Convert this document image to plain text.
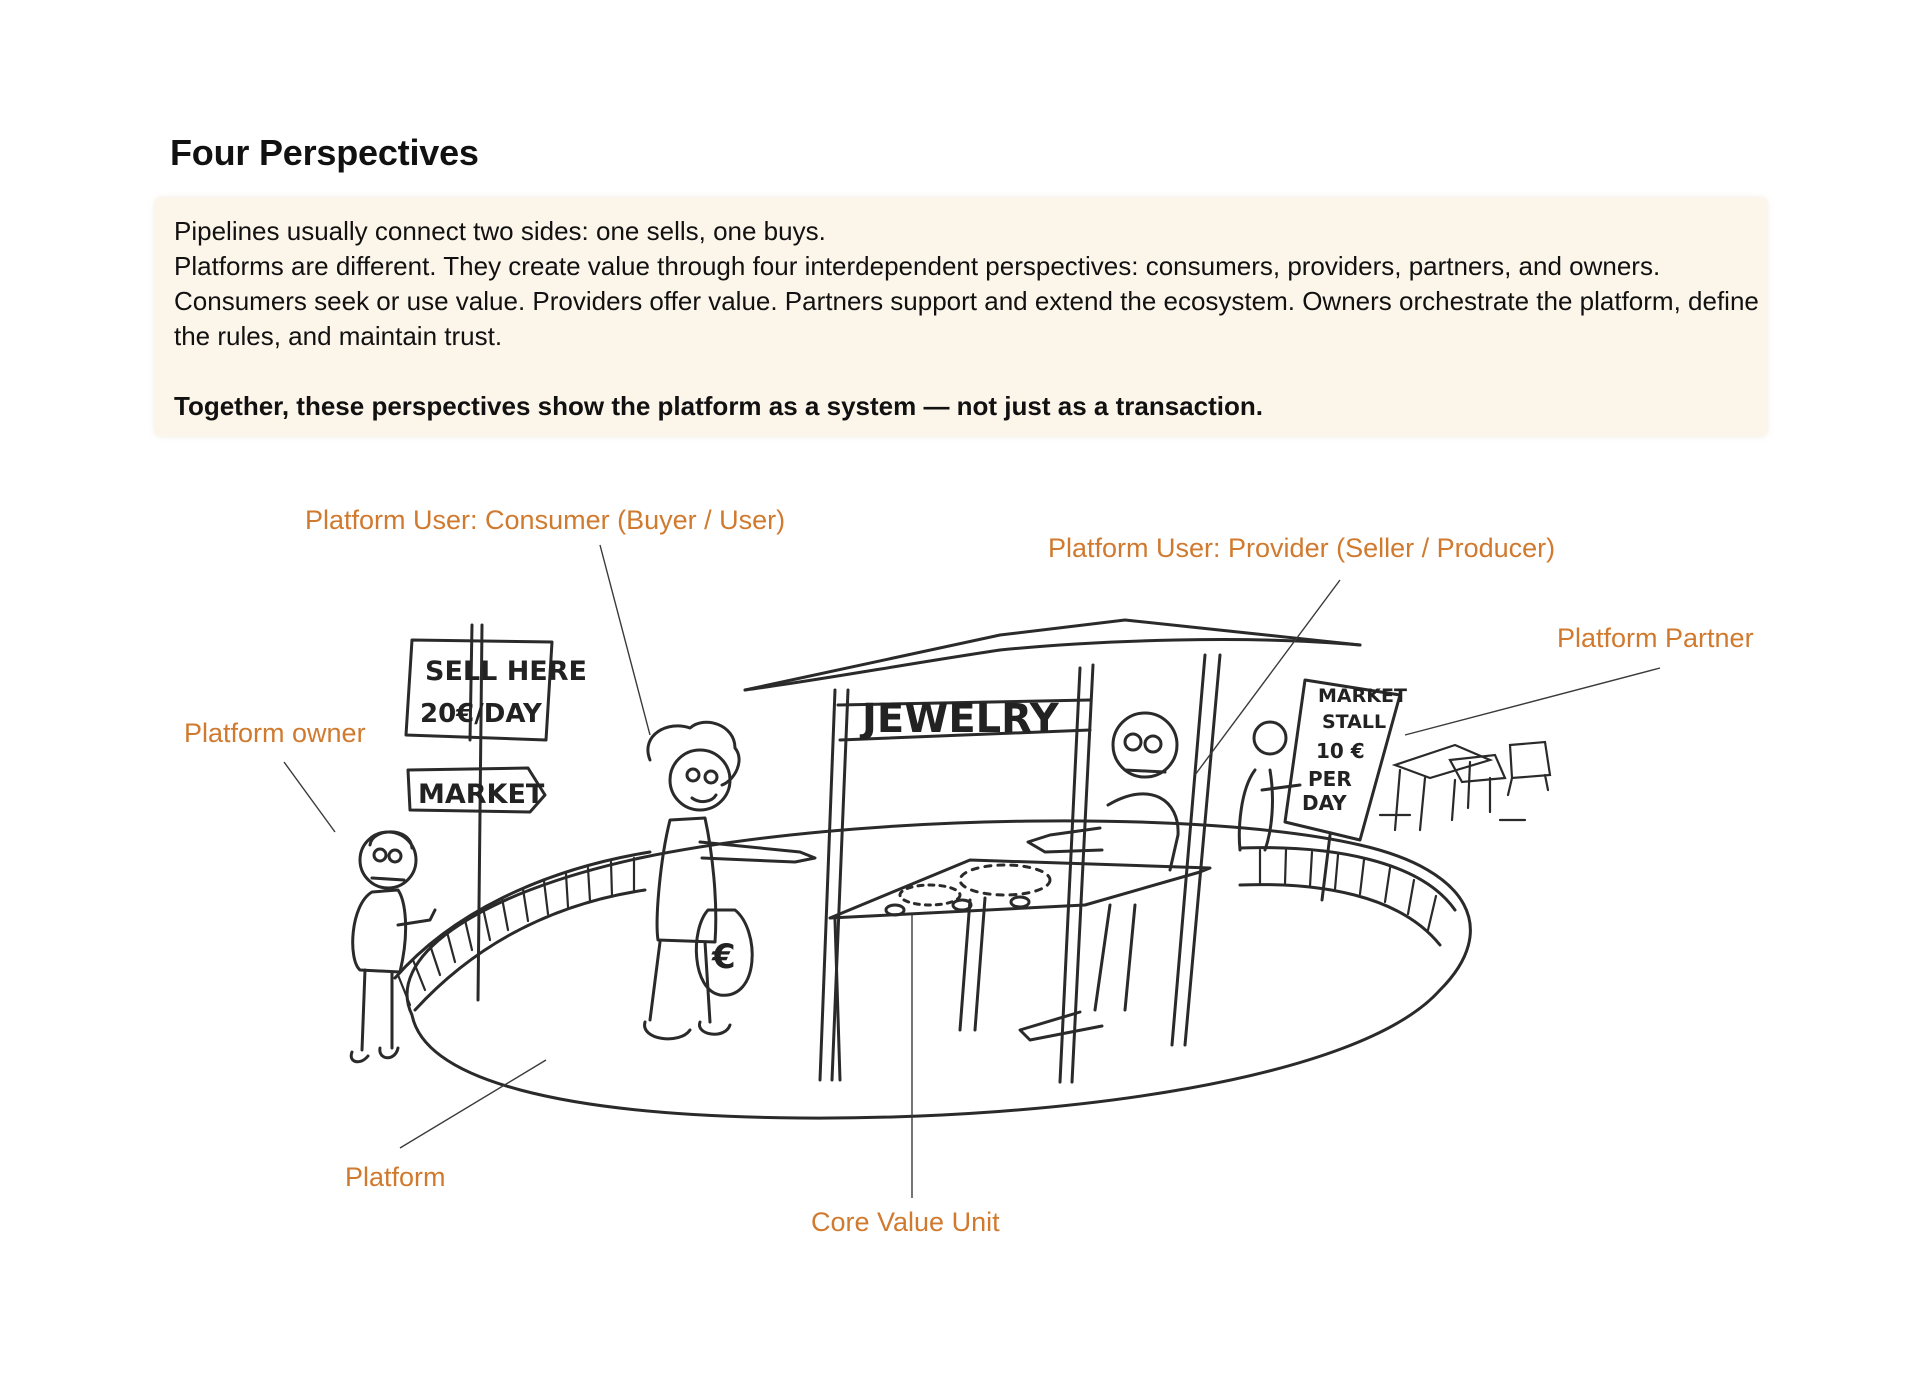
Four Perspectives

Pipelines usually connect two sides: one sells, one buys.

Platforms are different. They create value through four interdependent perspectives: consumers, providers, partners, and owners. Consumers seek or use value. Providers offer value. Partners support and extend the ecosystem. Owners orchestrate the platform, define the rules, and maintain trust.

Together, these perspectives show the platform as a system — not just as a transaction.

SELL HERE
20€/DAY
MARKET
€
JEWELRY	MARKET
STALL
10 €
PER
DAY
Platform User: Consumer (Buyer / User)
Platform User: Provider (Seller / Producer)
Platform Partner
Platform owner
Platform
Core Value Unit
